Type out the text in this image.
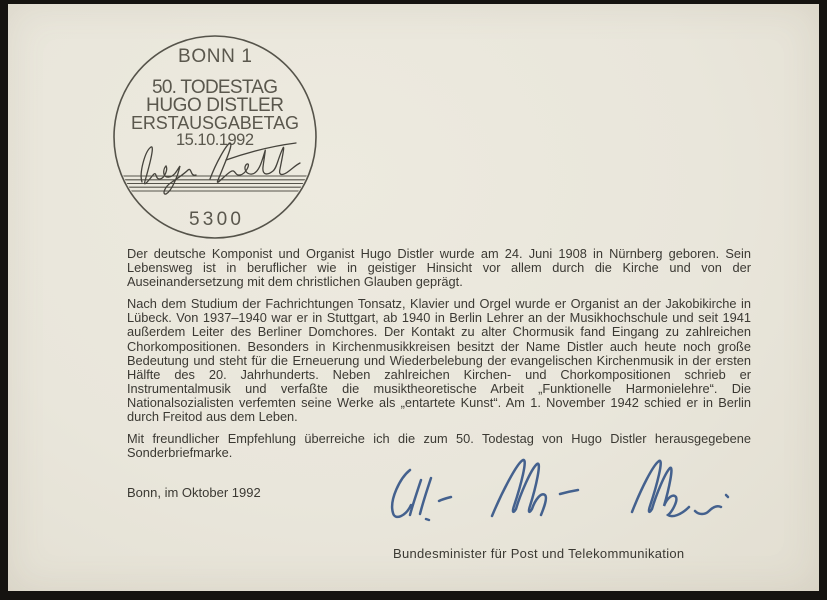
BONN 1
50. TODESTAG
HUGO DISTLER
ERSTAUSGABETAG
15.10.1992
5300

Der deutsche Komponist und Organist Hugo Distler wurde am 24. Juni 1908 in Nürnberg geboren. Sein Lebensweg ist in beruflicher wie in geistiger Hinsicht vor allem durch die Kirche und von der Auseinandersetzung mit dem christlichen Glauben geprägt.

Nach dem Studium der Fachrichtungen Tonsatz, Klavier und Orgel wurde er Organist an der Jakobikirche in Lübeck. Von 1937–1940 war er in Stuttgart, ab 1940 in Berlin Lehrer an der Musikhochschule und seit 1941 außerdem Leiter des Berliner Domchores. Der Kontakt zu alter Chormusik fand Eingang zu zahlreichen Chorkompositionen. Besonders in Kirchenmusikkreisen besitzt der Name Distler auch heute noch große Bedeutung und steht für die Erneuerung und Wiederbelebung der evangelischen Kirchenmusik in der ersten Hälfte des 20. Jahrhunderts. Neben zahlreichen Kirchen- und Chorkompositionen schrieb er Instrumentalmusik und verfaßte die musiktheoretische Arbeit „Funktionelle Harmonielehre“. Die Nationalsozialisten verfemten seine Werke als „entartete Kunst“. Am 1. November 1942 schied er in Berlin durch Freitod aus dem Leben.

Mit freundlicher Empfehlung überreiche ich die zum 50. Todestag von Hugo Distler herausgegebene Sonderbriefmarke.

Bonn, im Oktober 1992
Bundesminister für Post und Telekommunikation
